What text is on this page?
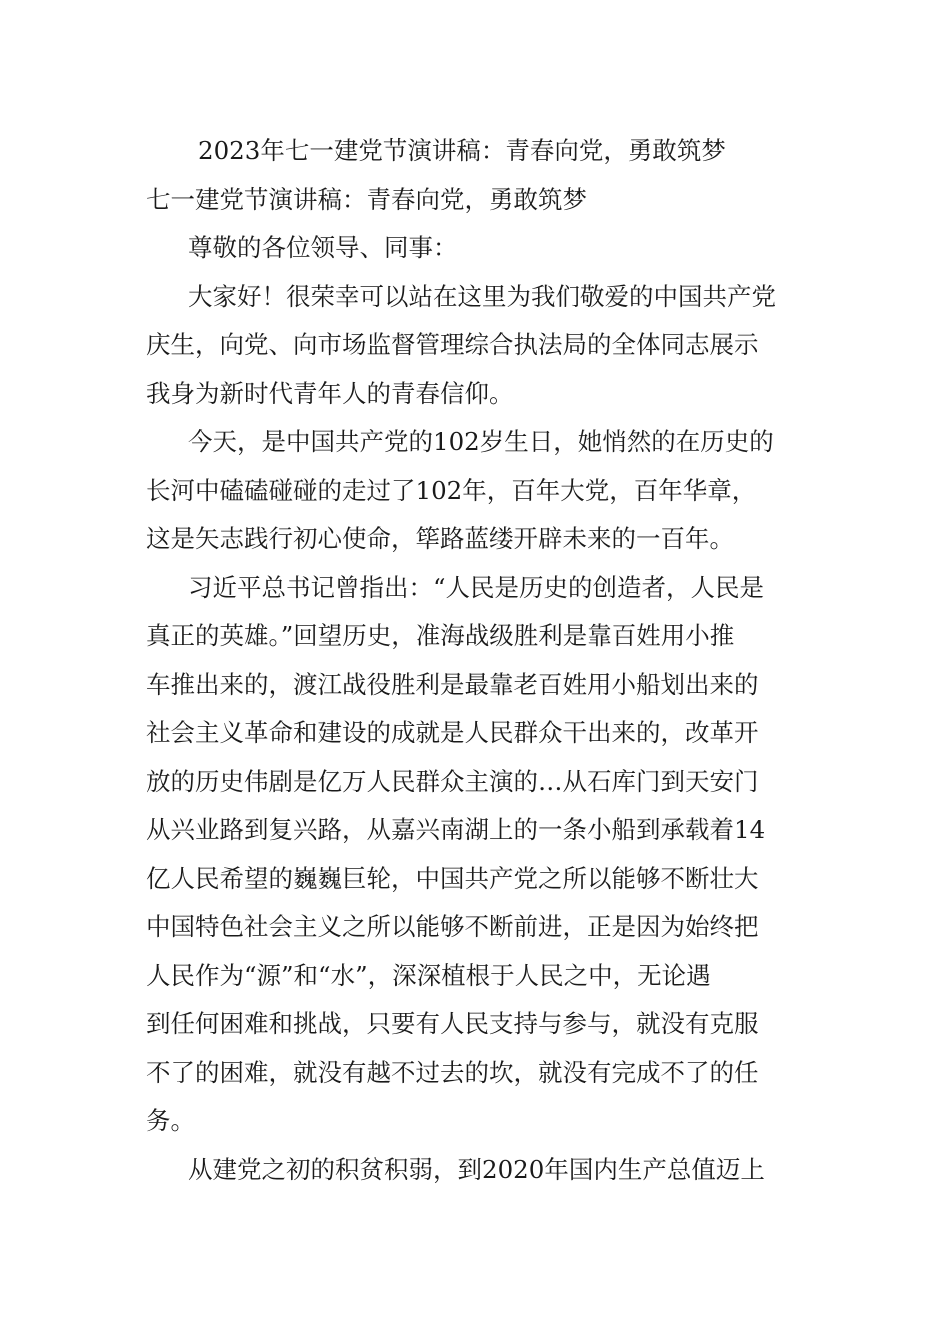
2023年七一建党节演讲稿：青春向党，勇敢筑梦
七一建党节演讲稿：青春向党，勇敢筑梦
尊敬的各位领导、同事：
大家好！很荣幸可以站在这里为我们敬爱的中国共产党
庆生，向党、向市场监督管理综合执法局的全体同志展示
我身为新时代青年人的青春信仰。
今天，是中国共产党的102岁生日，她悄然的在历史的
长河中磕磕碰碰的走过了102年，百年大党，百年华章，
这是矢志践行初心使命，筚路蓝缕开辟未来的一百年。
习近平总书记曾指出：“人民是历史的创造者，人民是
真正的英雄。”回望历史，准海战级胜利是靠百姓用小推
车推出来的，渡江战役胜利是最靠老百姓用小船划出来的
社会主义革命和建设的成就是人民群众干出来的，改革开
放的历史伟剧是亿万人民群众主演的…从石库门到天安门
从兴业路到复兴路，从嘉兴南湖上的一条小船到承载着14
亿人民希望的巍巍巨轮，中国共产党之所以能够不断壮大
中国特色社会主义之所以能够不断前进，正是因为始终把
人民作为“源”和“水”，深深植根于人民之中，无论遇
到任何困难和挑战，只要有人民支持与参与，就没有克服
不了的困难，就没有越不过去的坎，就没有完成不了的任
务。
从建党之初的积贫积弱，到2020年国内生产总值迈上
